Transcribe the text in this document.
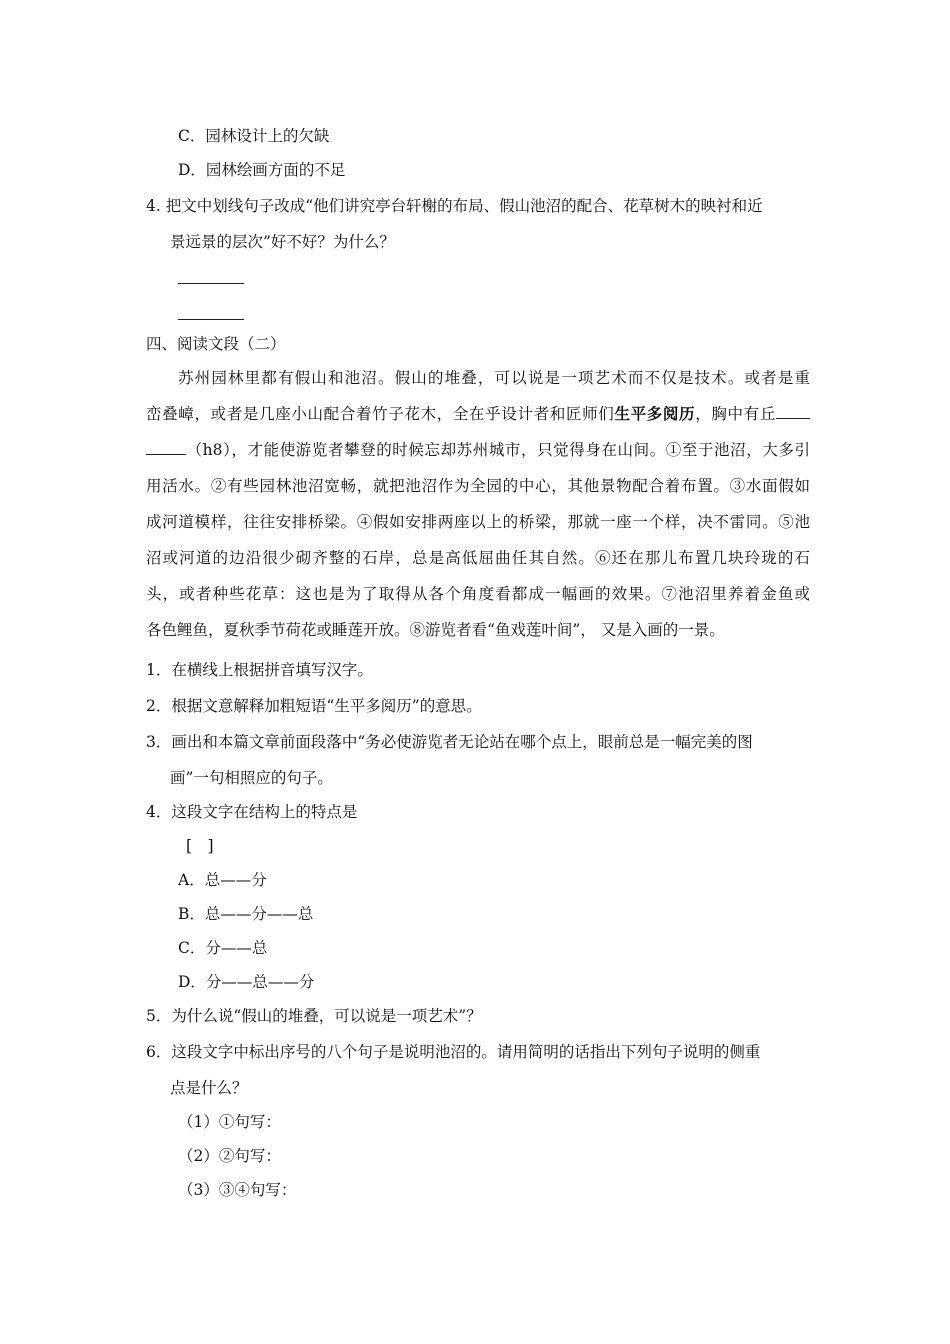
C．园林设计上的欠缺
D．园林绘画方面的不足
4. 把文中划线句子改成“他们讲究亭台轩榭的布局、假山池沼的配合、花草树木的映衬和近
景远景的层次”好不好？为什么？
四、阅读文段（二）
苏州园林里都有假山和池沼。假山的堆叠，可以说是一项艺术而不仅是技术。或者是重
峦叠嶂，或者是几座小山配合着竹子花木，全在乎设计者和匠师们生平多阅历，胸中有丘
（h8），才能使游览者攀登的时候忘却苏州城市，只觉得身在山间。①至于池沼，大多引
用活水。②有些园林池沼宽畅，就把池沼作为全园的中心，其他景物配合着布置。③水面假如
成河道模样，往往安排桥梁。④假如安排两座以上的桥梁，那就一座一个样，决不雷同。⑤池
沼或河道的边沿很少砌齐整的石岸，总是高低屈曲任其自然。⑥还在那儿布置几块玲珑的石
头，或者种些花草：这也是为了取得从各个角度看都成一幅画的效果。⑦池沼里养着金鱼或
各色鲤鱼，夏秋季节荷花或睡莲开放。⑧游览者看“鱼戏莲叶间”， 又是入画的一景。
1．在横线上根据拼音填写汉字。
2．根据文意解释加粗短语“生平多阅历”的意思。
3．画出和本篇文章前面段落中“务必使游览者无论站在哪个点上，眼前总是一幅完美的图
画”一句相照应的句子。
4．这段文字在结构上的特点是
[　]
A．总——分
B．总——分——总
C．分——总
D．分——总——分
5．为什么说“假山的堆叠，可以说是一项艺术”？
6．这段文字中标出序号的八个句子是说明池沼的。请用简明的话指出下列句子说明的侧重
点是什么？
（1）①句写：
（2）②句写：
（3）③④句写：
